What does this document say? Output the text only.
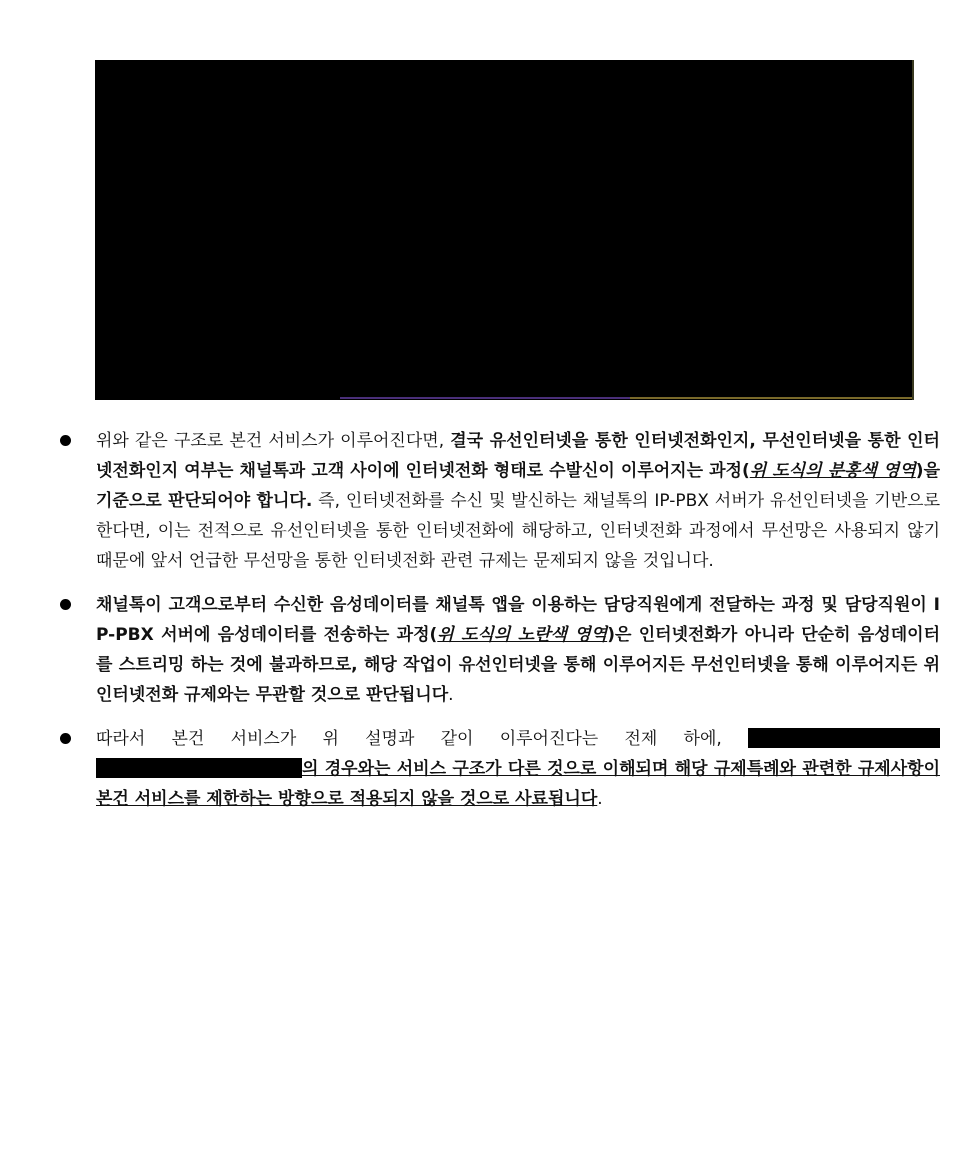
위와 같은 구조로 본건 서비스가 이루어진다면, 결국 유선인터넷을 통한 인터넷전화인지, 무선인터넷을 통한 인터넷전화인지 여부는 채널톡과 고객 사이에 인터넷전화 형태로 수발신이 이루어지는 과정(위 도식의 분홍색 영역)을 기준으로 판단되어야 합니다. 즉, 인터넷전화를 수신 및 발신하는 채널톡의 IP-PBX 서버가 유선인터넷을 기반으로 한다면, 이는 전적으로 유선인터넷을 통한 인터넷전화에 해당하고, 인터넷전화 과정에서 무선망은 사용되지 않기 때문에 앞서 언급한 무선망을 통한 인터넷전화 관련 규제는 문제되지 않을 것입니다.
채널톡이 고객으로부터 수신한 음성데이터를 채널톡 앱을 이용하는 담당직원에게 전달하는 과정 및 담당직원이 IP-PBX 서버에 음성데이터를 전송하는 과정(위 도식의 노란색 영역)은 인터넷전화가 아니라 단순히 음성데이터를 스트리밍 하는 것에 불과하므로, 해당 작업이 유선인터넷을 통해 이루어지든 무선인터넷을 통해 이루어지든 위 인터넷전화 규제와는 무관할 것으로 판단됩니다.
따라서 본건 서비스가 위 설명과 같이 이루어진다는 전제 하에,  의 경우와는 서비스 구조가 다른 것으로 이해되며 해당 규제특례와 관련한 규제사항이 본건 서비스를 제한하는 방향으로 적용되지 않을 것으로 사료됩니다.
